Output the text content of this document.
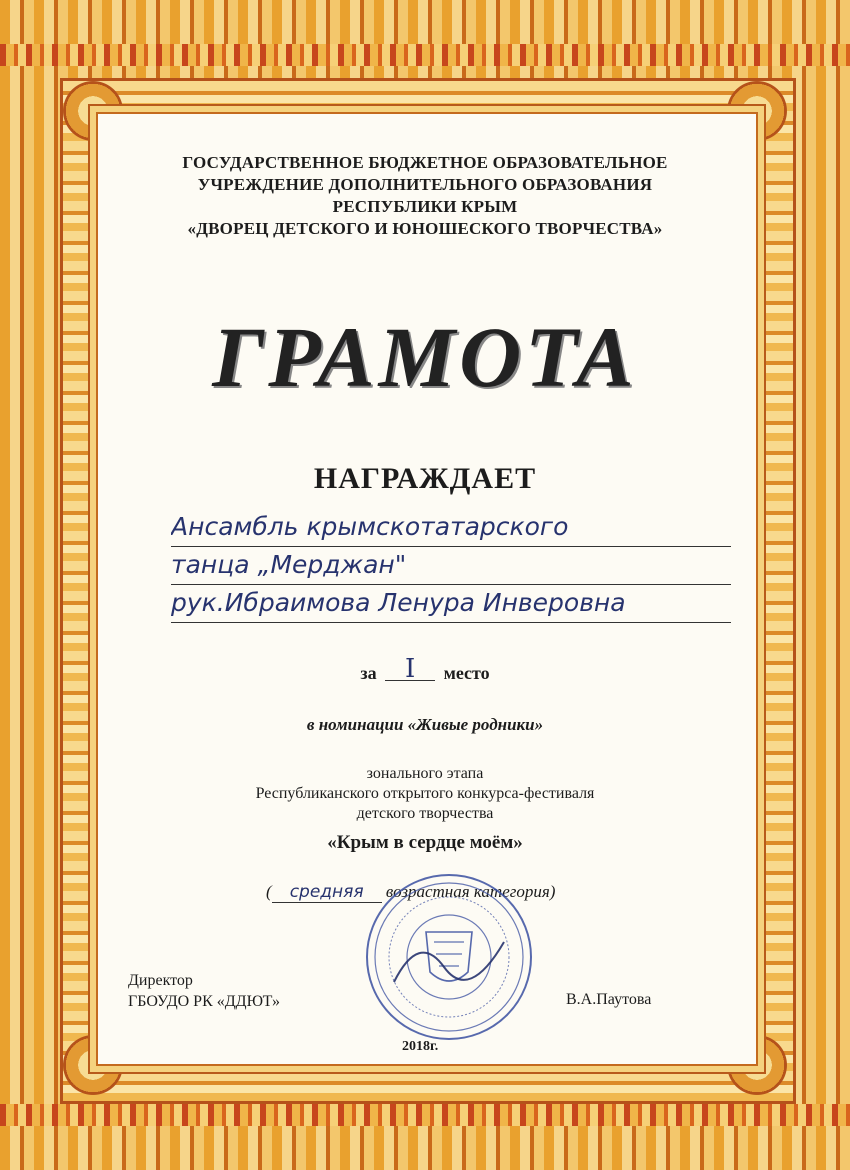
ГОСУДАРСТВЕННОЕ БЮДЖЕТНОЕ ОБРАЗОВАТЕЛЬНОЕ
УЧРЕЖДЕНИЕ ДОПОЛНИТЕЛЬНОГО ОБРАЗОВАНИЯ
РЕСПУБЛИКИ КРЫМ
«ДВОРЕЦ ДЕТСКОГО И ЮНОШЕСКОГО ТВОРЧЕСТВА»
ГРАМОТА
НАГРАЖДАЕТ
Ансамбль крымскотатарского
танца „Мерджан"
рук.Ибраимова Ленура Инверовна
за I место
в номинации «Живые родники»
зонального этапа
Республиканского открытого конкурса-фестиваля
детского творчества
«Крым в сердце моём»
( средняя возрастная категория)
Директор
ГБОУДО РК «ДДЮТ»	В.А.Паутова
2018г.
